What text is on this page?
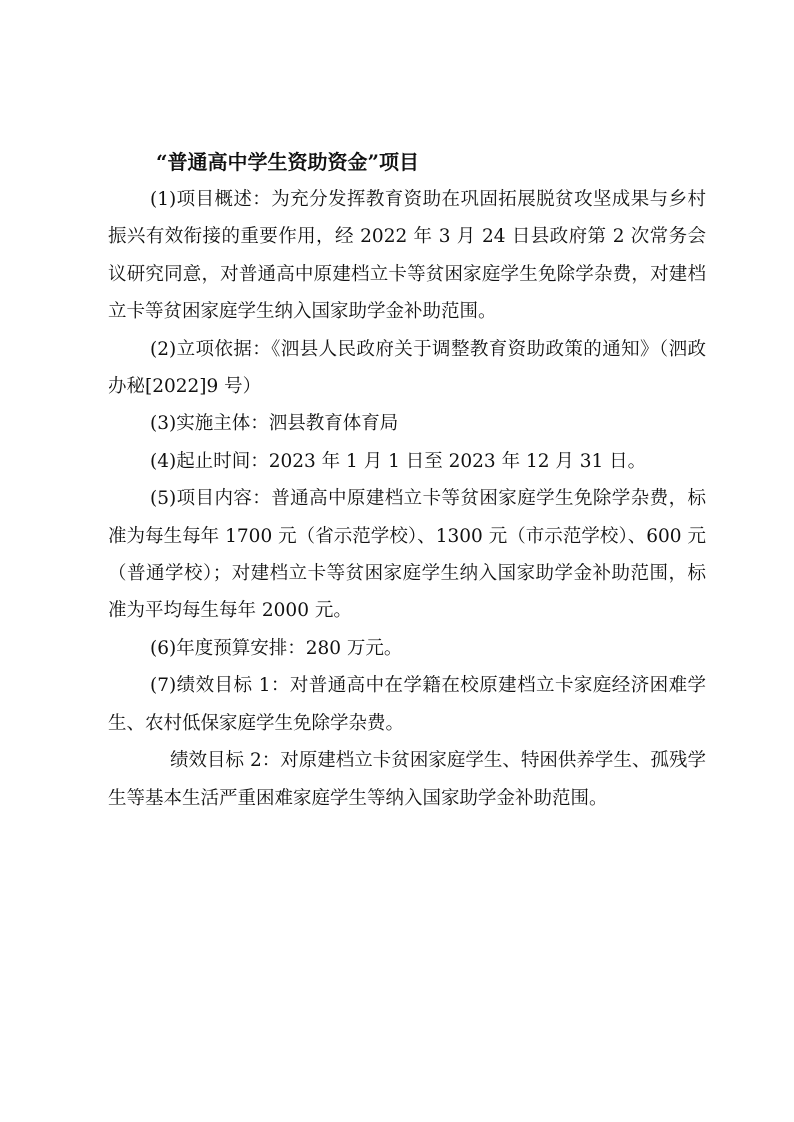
“普通高中学生资助资金”项目

(1)项目概述：为充分发挥教育资助在巩固拓展脱贫攻坚成果与乡村振兴有效衔接的重要作用，经 2022 年 3 月 24 日县政府第 2 次常务会议研究同意，对普通高中原建档立卡等贫困家庭学生免除学杂费，对建档立卡等贫困家庭学生纳入国家助学金补助范围。

(2)立项依据：《泗县人民政府关于调整教育资助政策的通知》（泗政办秘[2022]9 号）

(3)实施主体：泗县教育体育局

(4)起止时间：2023 年 1 月 1 日至 2023 年 12 月 31 日。

(5)项目内容：普通高中原建档立卡等贫困家庭学生免除学杂费，标准为每生每年 1700 元（省示范学校）、1300 元（市示范学校）、600 元（普通学校）；对建档立卡等贫困家庭学生纳入国家助学金补助范围，标准为平均每生每年 2000 元。

(6)年度预算安排：280 万元。

(7)绩效目标 1：对普通高中在学籍在校原建档立卡家庭经济困难学生、农村低保家庭学生免除学杂费。

绩效目标 2：对原建档立卡贫困家庭学生、特困供养学生、孤残学生等基本生活严重困难家庭学生等纳入国家助学金补助范围。
